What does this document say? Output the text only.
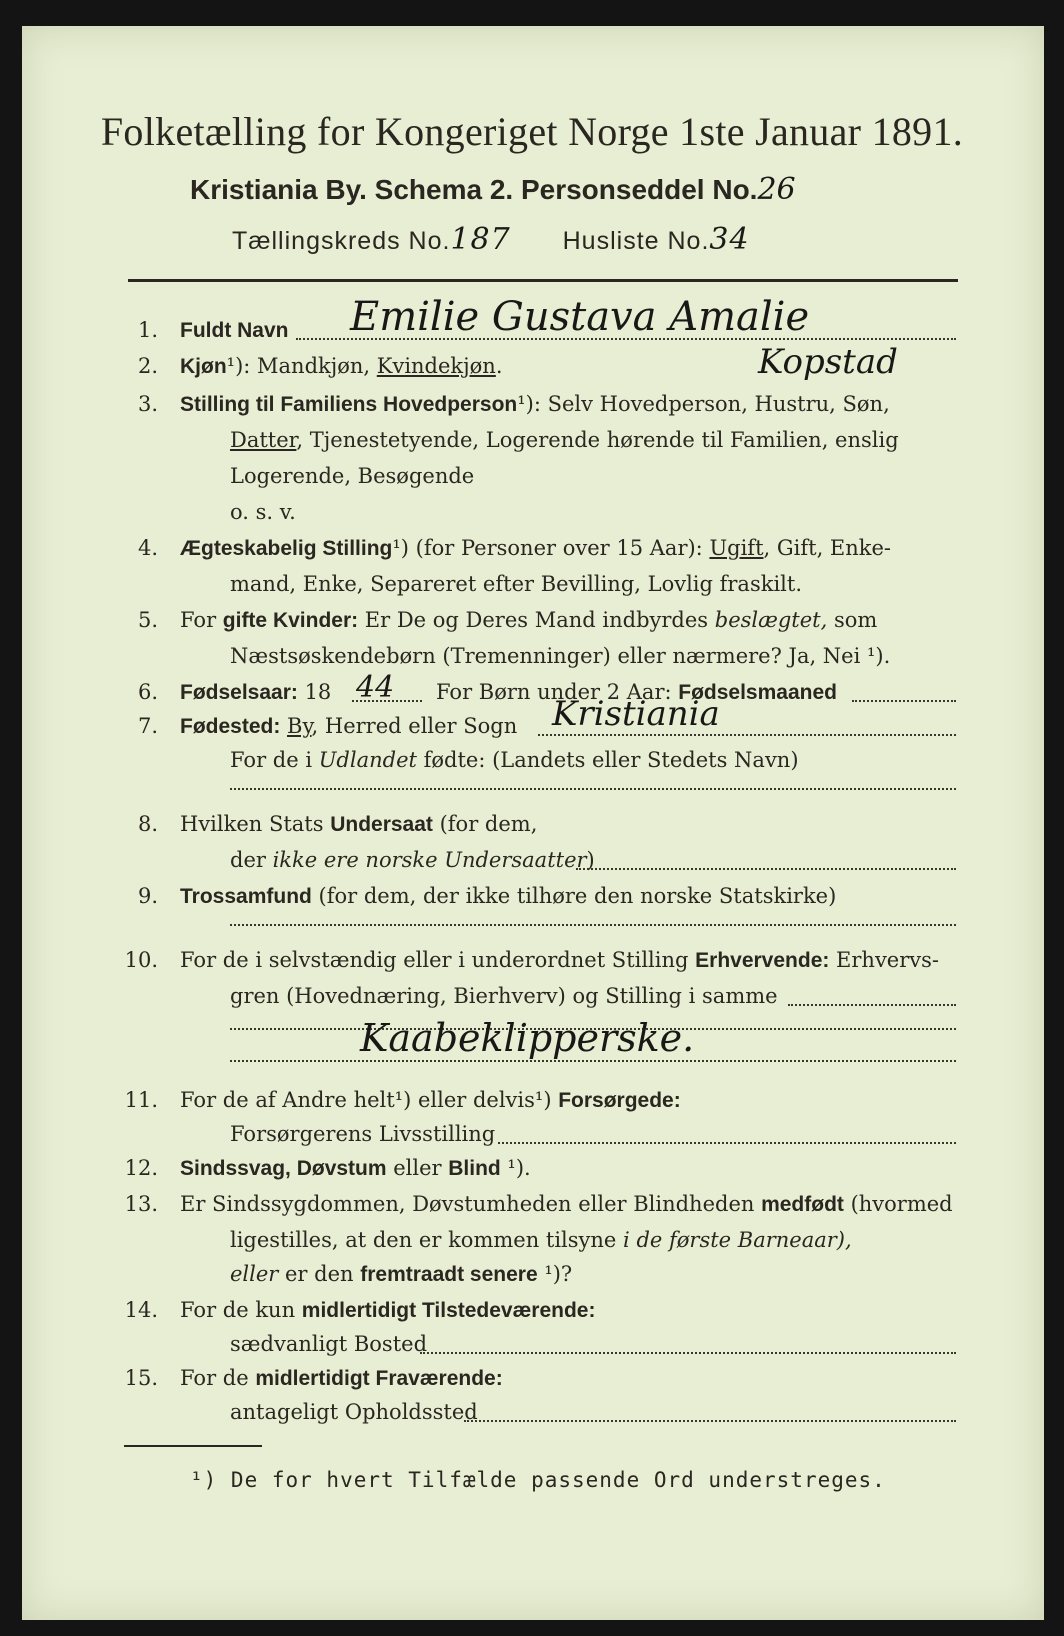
Folketælling for Kongeriget Norge 1ste Januar 1891.
Kristiania By. Schema 2. Personseddel No.26
Tællingskreds No.187 Husliste No.34
1. Fuldt Navn Emilie Gustava Amalie
2. Kjøn¹): Mandkjøn, Kvindekjøn.	Kopstad
3. Stilling til Familiens Hovedperson¹): Selv Hovedperson, Hustru, Søn,
Datter, Tjenestetyende, Logerende hørende til Familien, enslig
Logerende, Besøgende
o. s. v.
4. Ægteskabelig Stilling¹) (for Personer over 15 Aar): Ugift, Gift, Enke-
mand, Enke, Separeret efter Bevilling, Lovlig fraskilt.
5. For gifte Kvinder: Er De og Deres Mand indbyrdes beslægtet, som
Næstsøskendebørn (Tremenninger) eller nærmere? Ja, Nei ¹).
6. Fødselsaar: 18 44 For Børn under 2 Aar: Fødselsmaaned
7. Fødested: By, Herred eller Sogn Kristiania
For de i Udlandet fødte: (Landets eller Stedets Navn)
8. Hvilken Stats Undersaat (for dem,
der ikke ere norske Undersaatter)
9. Trossamfund (for dem, der ikke tilhøre den norske Statskirke)
10. For de i selvstændig eller i underordnet Stilling Erhvervende: Erhvervs-
gren (Hovednæring, Bierhverv) og Stilling i samme
Kaabeklipperske.
11. For de af Andre helt¹) eller delvis¹) Forsørgede:
Forsørgerens Livsstilling
12. Sindssvag, Døvstum eller Blind ¹).
13. Er Sindssygdommen, Døvstumheden eller Blindheden medfødt (hvormed
ligestilles, at den er kommen tilsyne i de første Barneaar),
eller er den fremtraadt senere ¹)?
14. For de kun midlertidigt Tilstedeværende:
sædvanligt Bosted
15. For de midlertidigt Fraværende:
antageligt Opholdssted
¹) De for hvert Tilfælde passende Ord understreges.
